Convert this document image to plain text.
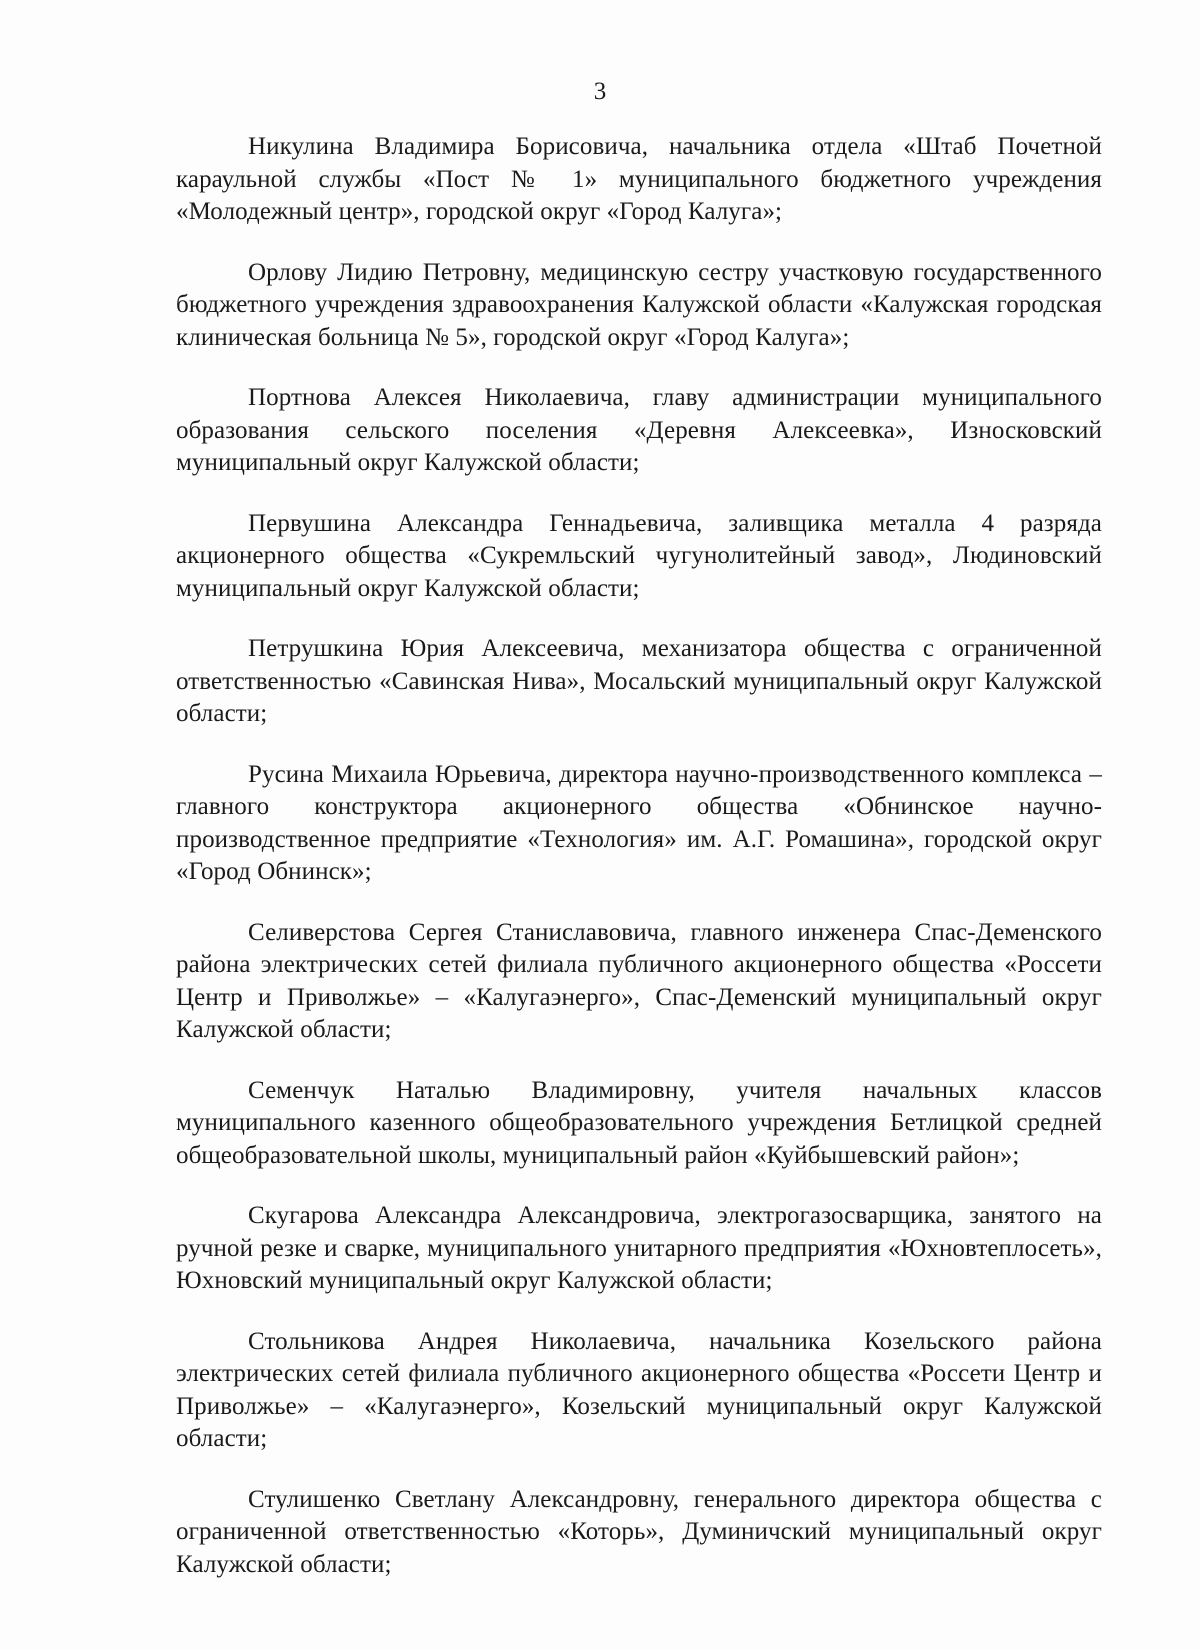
3

Никулина Владимира Борисовича, начальника отдела «Штаб Почетной караульной службы «Пост № 1» муниципального бюджетного учреждения «Молодежный центр», городской округ «Город Калуга»;

Орлову Лидию Петровну, медицинскую сестру участковую государственного бюджетного учреждения здравоохранения Калужской области «Калужская городская клиническая больница № 5», городской округ «Город Калуга»;

Портнова Алексея Николаевича, главу администрации муниципального образования сельского поселения «Деревня Алексеевка», Износковский муниципальный округ Калужской области;

Первушина Александра Геннадьевича, заливщика металла 4 разряда акционерного общества «Сукремльский чугунолитейный завод», Людиновский муниципальный округ Калужской области;

Петрушкина Юрия Алексеевича, механизатора общества с ограниченной ответственностью «Савинская Нива», Мосальский муниципальный округ Калужской области;

Русина Михаила Юрьевича, директора научно-производственного комплекса – главного конструктора акционерного общества «Обнинское научно-производственное предприятие «Технология» им. А.Г. Ромашина», городской округ «Город Обнинск»;

Селиверстова Сергея Станиславовича, главного инженера Спас-Деменского района электрических сетей филиала публичного акционерного общества «Россети Центр и Приволжье» – «Калугаэнерго», Спас-Деменский муниципальный округ Калужской области;

Семенчук Наталью Владимировну, учителя начальных классов муниципального казенного общеобразовательного учреждения Бетлицкой средней общеобразовательной школы, муниципальный район «Куйбышевский район»;

Скугарова Александра Александровича, электрогазосварщика, занятого на ручной резке и сварке, муниципального унитарного предприятия «Юхновтеплосеть», Юхновский муниципальный округ Калужской области;

Стольникова Андрея Николаевича, начальника Козельского района электрических сетей филиала публичного акционерного общества «Россети Центр и Приволжье» – «Калугаэнерго», Козельский муниципальный округ Калужской области;

Стулишенко Светлану Александровну, генерального директора общества с ограниченной ответственностью «Которь», Думиничский муниципальный округ Калужской области;
